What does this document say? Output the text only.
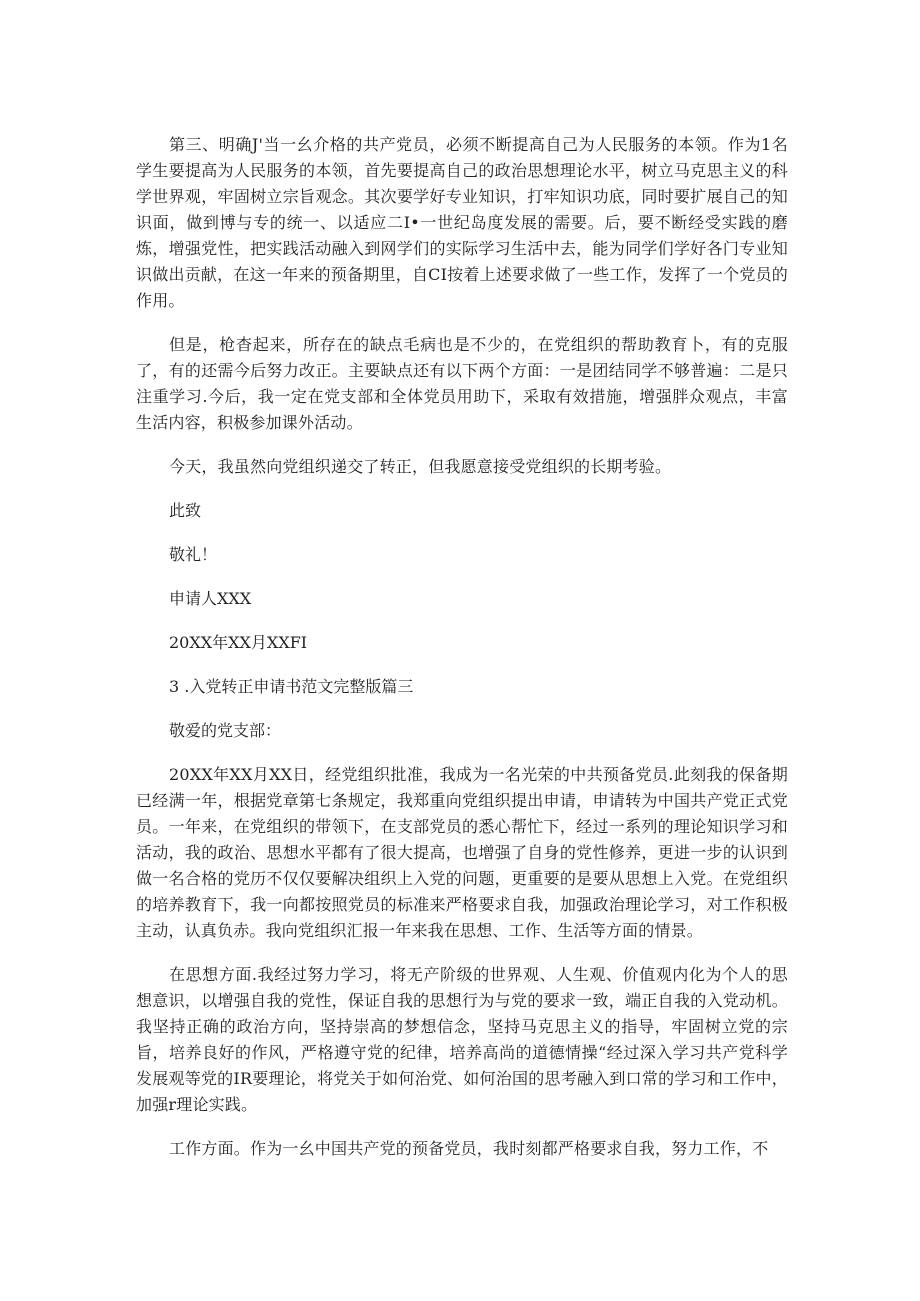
第三、明确J'当一幺介格的共产党员，必须不断提高自己为人民服务的本领。作为1名学生要提高为人民服务的本领，首先要提高自己的政治思想理论水平，树立马克思主义的科学世界观，牢固树立宗旨观念。其次要学好专业知识，打牢知识功底，同时要扩展自己的知识面，做到博与专的统一、以适应二I•一世纪岛度发展的需要。后，要不断经受实践的磨炼，增强党性，把实践活动融入到网学们的实际学习生活中去，能为同学们学好各门专业知识做出贡献，在这一年来的预备期里，自CI按着上述要求做了一些工作，发挥了一个党员的作用。

但是，枪杳起来，所存在的缺点毛病也是不少的，在党组织的帮助教育卜，有的克服了，有的还需今后努力改正。主要缺点还有以下两个方面：一是团结同学不够普遍：二是只注重学习.今后，我一定在党支部和全体党员用助下，采取有效措施，增强胖众观点，丰富生活内容，积极参加课外活动。

今天，我虽然向党组织递交了转正，但我愿意接受党组织的长期考验。

此致

敬礼！

申请人XXX

20XX年XX月XXFI

3 .入党转正申请书范文完整版篇三

敬爱的党支部：

20XX年XX月XX日，经党组织批准，我成为一名光荣的中共预备党员.此刻我的保备期已经满一年，根据党章第七条规定，我郑重向党组织提出申请，申请转为中国共产党正式党员。一年来，在党组织的带领下，在支部党员的悉心帮忙下，经过一系列的理论知识学习和活动，我的政治、思想水平都有了很大提高，也增强了自身的党性修养，更进一步的认识到做一名合格的党历不仅仅要解决组织上入党的问题，更重要的是要从思想上入党。在党组织的培养教育下，我一向都按照党员的标准来严格要求自我，加强政治理论学习，对工作积极主动，认真负赤。我向党组织汇报一年来我在思想、工作、生活等方面的情景。

在思想方面.我经过努力学习，将无产阶级的世界观、人生观、价值观内化为个人的思想意识，以增强自我的党性，保证自我的思想行为与党的要求一致，端正自我的入党动机。我坚持正确的政治方向，坚持崇高的梦想信念，坚持马克思主义的指导，牢固树立党的宗旨，培养良好的作风，严格遵守党的纪律，培养高尚的道德情操“经过深入学习共产党科学发展观等党的IR要理论，将党关于如何治党、如何治国的思考融入到口常的学习和工作中，加强r理论实践。

工作方面。作为一幺中国共产党的预备党员，我时刻都严格要求自我，努力工作，不
